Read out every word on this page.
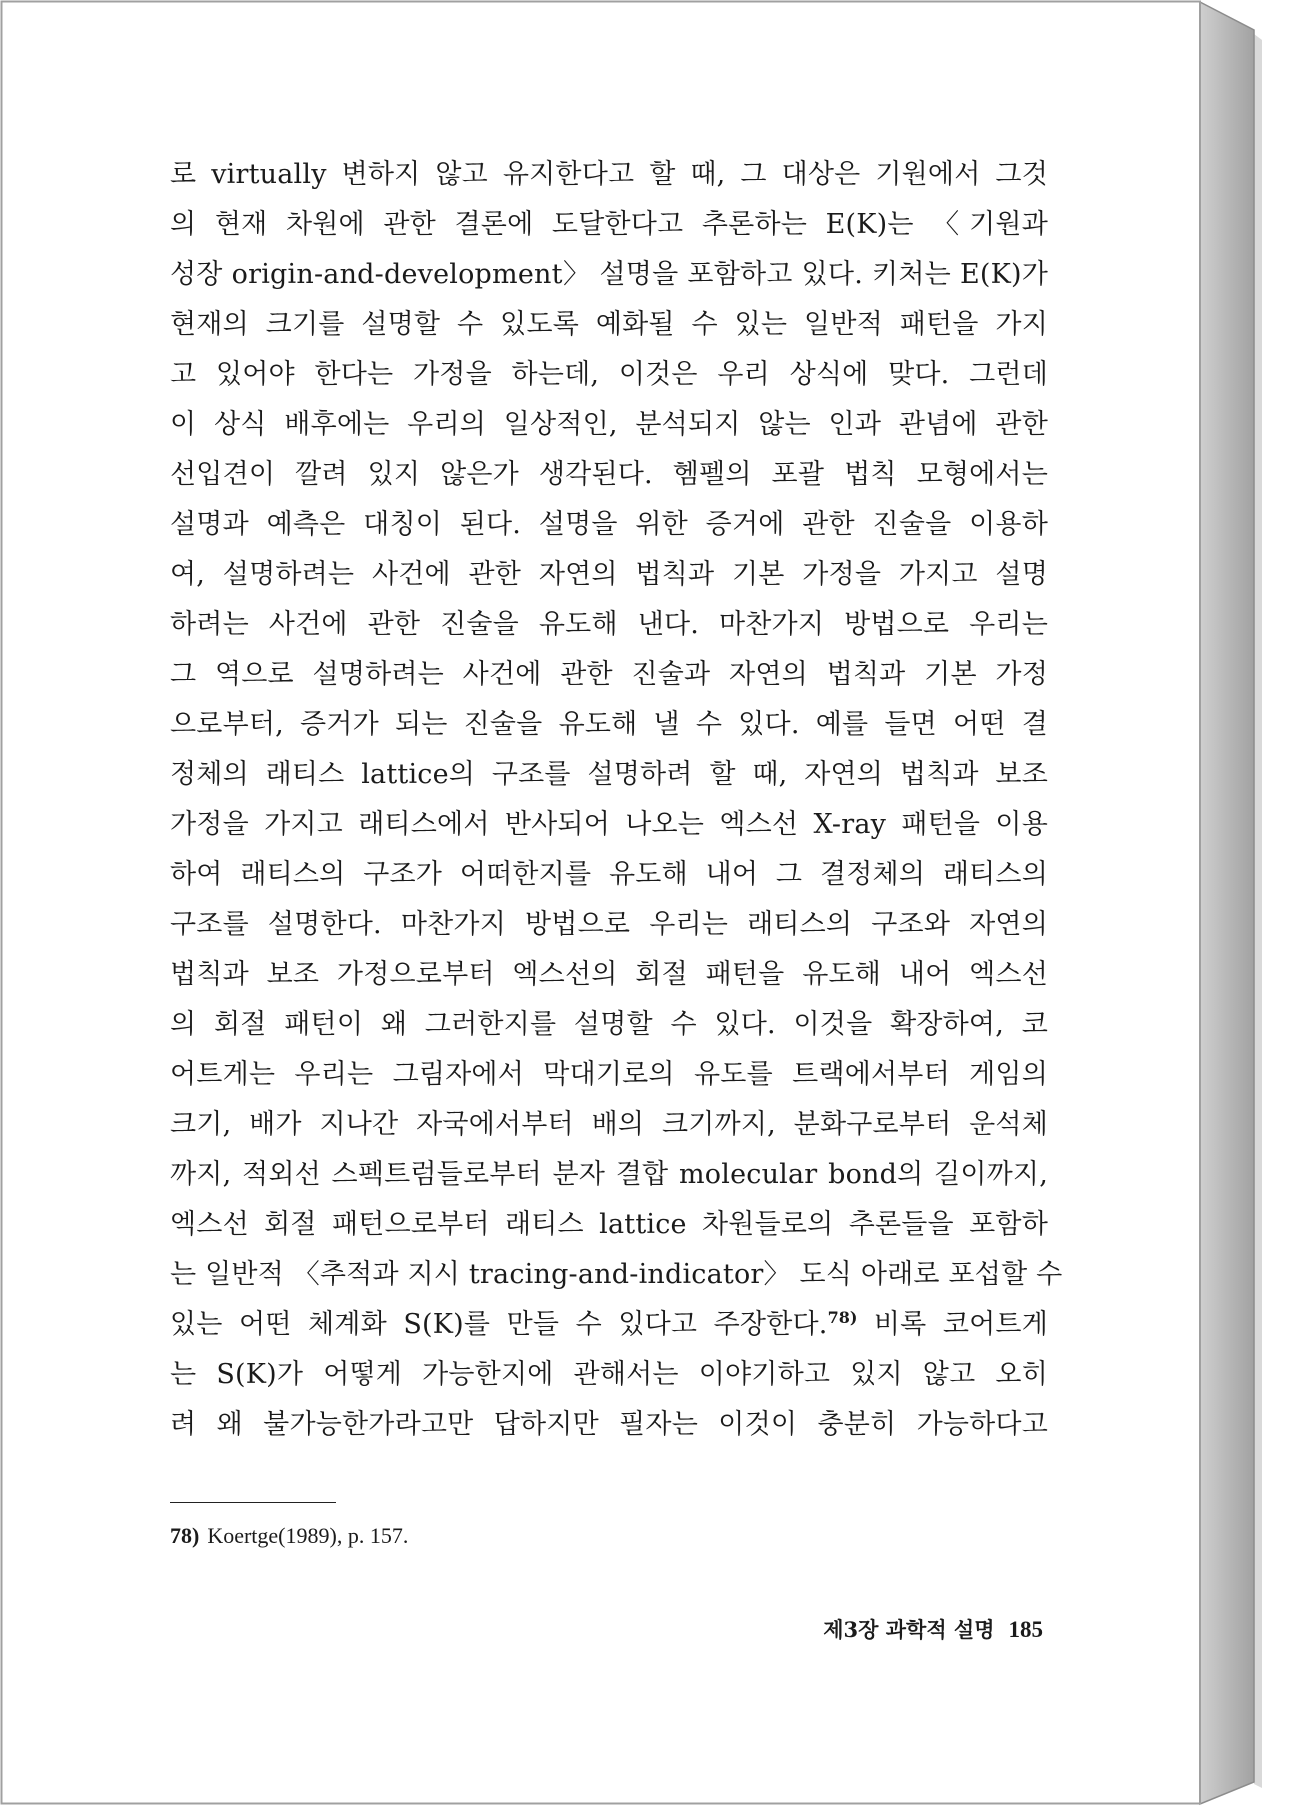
로 virtually 변하지 않고 유지한다고 할 때, 그 대상은 기원에서 그것
의 현재 차원에 관한 결론에 도달한다고 추론하는 E(K)는 〈기원과
성장 origin-and-development〉 설명을 포함하고 있다. 키처는 E(K)가
현재의 크기를 설명할 수 있도록 예화될 수 있는 일반적 패턴을 가지
고 있어야 한다는 가정을 하는데, 이것은 우리 상식에 맞다. 그런데
이 상식 배후에는 우리의 일상적인, 분석되지 않는 인과 관념에 관한
선입견이 깔려 있지 않은가 생각된다. 헴펠의 포괄 법칙 모형에서는
설명과 예측은 대칭이 된다. 설명을 위한 증거에 관한 진술을 이용하
여, 설명하려는 사건에 관한 자연의 법칙과 기본 가정을 가지고 설명
하려는 사건에 관한 진술을 유도해 낸다. 마찬가지 방법으로 우리는
그 역으로 설명하려는 사건에 관한 진술과 자연의 법칙과 기본 가정
으로부터, 증거가 되는 진술을 유도해 낼 수 있다. 예를 들면 어떤 결
정체의 래티스 lattice의 구조를 설명하려 할 때, 자연의 법칙과 보조
가정을 가지고 래티스에서 반사되어 나오는 엑스선 X-ray 패턴을 이용
하여 래티스의 구조가 어떠한지를 유도해 내어 그 결정체의 래티스의
구조를 설명한다. 마찬가지 방법으로 우리는 래티스의 구조와 자연의
법칙과 보조 가정으로부터 엑스선의 회절 패턴을 유도해 내어 엑스선
의 회절 패턴이 왜 그러한지를 설명할 수 있다. 이것을 확장하여, 코
어트게는 우리는 그림자에서 막대기로의 유도를 트랙에서부터 게임의
크기, 배가 지나간 자국에서부터 배의 크기까지, 분화구로부터 운석체
까지, 적외선 스펙트럼들로부터 분자 결합 molecular bond의 길이까지,
엑스선 회절 패턴으로부터 래티스 lattice 차원들로의 추론들을 포함하
는 일반적 〈추적과 지시 tracing-and-indicator〉 도식 아래로 포섭할 수
있는 어떤 체계화 S(K)를 만들 수 있다고 주장한다.$^{78)}$ 비록 코어트게
는 S(K)가 어떻게 가능한지에 관해서는 이야기하고 있지 않고 오히
려 왜 불가능한가라고만 답하지만 필자는 이것이 충분히 가능하다고
78) Koertge(1989), p. 157.
제3장 과학적 설명 185
